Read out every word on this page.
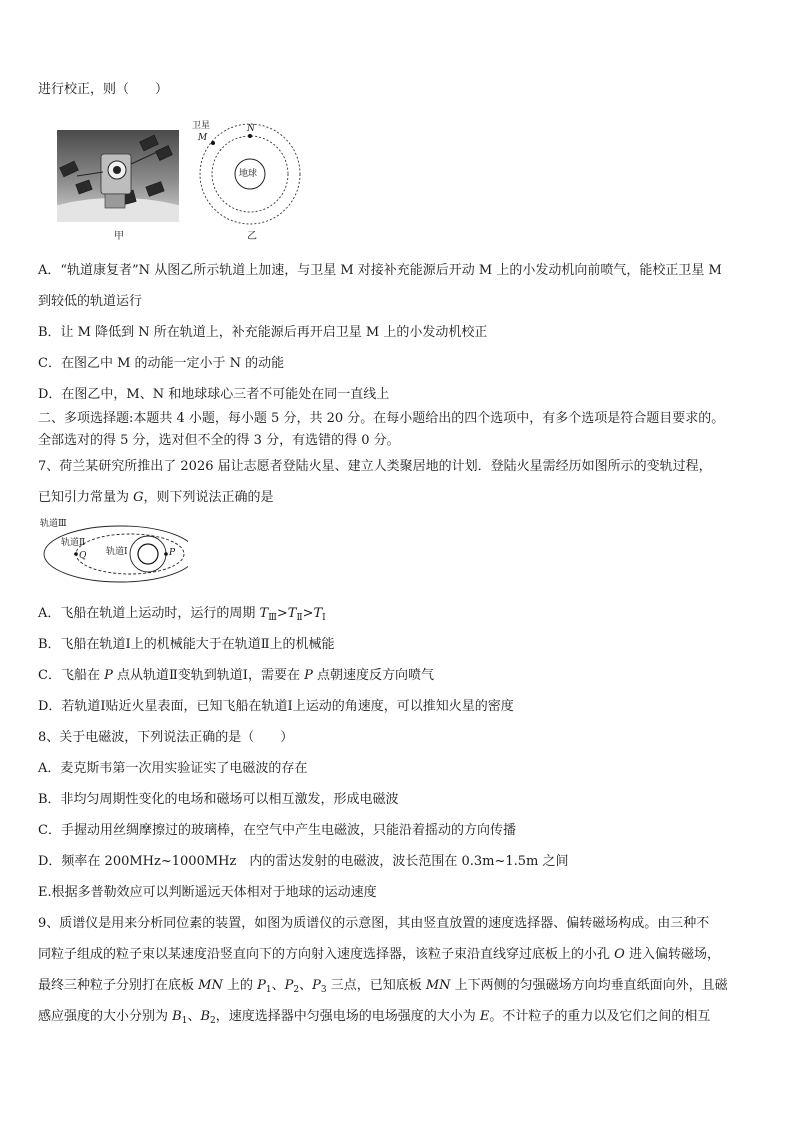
进行校正，则（　　）
甲
卫星
M
N
地球
乙
A．“轨道康复者”N 从图乙所示轨道上加速，与卫星 M 对接补充能源后开动 M 上的小发动机向前喷气，能校正卫星 M
到较低的轨道运行
B．让 M 降低到 N 所在轨道上，补充能源后再开启卫星 M 上的小发动机校正
C．在图乙中 M 的动能一定小于 N 的动能
D．在图乙中，M、N 和地球球心三者不可能处在同一直线上
二、多项选择题:本题共 4 小题，每小题 5 分，共 20 分。在每小题给出的四个选项中，有多个选项是符合题目要求的。
全部选对的得 5 分，选对但不全的得 3 分，有选错的得 0 分。
7、荷兰某研究所推出了 2026 届让志愿者登陆火星、建立人类聚居地的计划．登陆火星需经历如图所示的变轨过程，
已知引力常量为 G，则下列说法正确的是
轨道Ⅲ
轨道Ⅱ
轨道Ⅰ
Q	P
A．飞船在轨道上运动时，运行的周期 $T_Ⅲ>T_Ⅱ>T_Ⅰ$
B．飞船在轨道Ⅰ上的机械能大于在轨道Ⅱ上的机械能
C．飞船在 P 点从轨道Ⅱ变轨到轨道Ⅰ，需要在 P 点朝速度反方向喷气
D．若轨道Ⅰ贴近火星表面，已知飞船在轨道Ⅰ上运动的角速度，可以推知火星的密度
8、关于电磁波，下列说法正确的是（　　）
A．麦克斯韦第一次用实验证实了电磁波的存在
B．非均匀周期性变化的电场和磁场可以相互激发，形成电磁波
C．手握动用丝绸摩擦过的玻璃棒，在空气中产生电磁波，只能沿着摇动的方向传播
D．频率在 200MHz~1000MHz　内的雷达发射的电磁波，波长范围在 0.3m~1.5m 之间
E.根据多普勒效应可以判断遥远天体相对于地球的运动速度
9、质谱仪是用来分析同位素的装置，如图为质谱仪的示意图，其由竖直放置的速度选择器、偏转磁场构成。由三种不
同粒子组成的粒子束以某速度沿竖直向下的方向射入速度选择器，该粒子束沿直线穿过底板上的小孔 O 进入偏转磁场，
最终三种粒子分别打在底板 MN 上的 $P_1$、$P_2$、$P_3$ 三点，已知底板 MN 上下两侧的匀强磁场方向均垂直纸面向外，且磁
感应强度的大小分别为 $B_1$、$B_2$，速度选择器中匀强电场的电场强度的大小为 E。不计粒子的重力以及它们之间的相互
